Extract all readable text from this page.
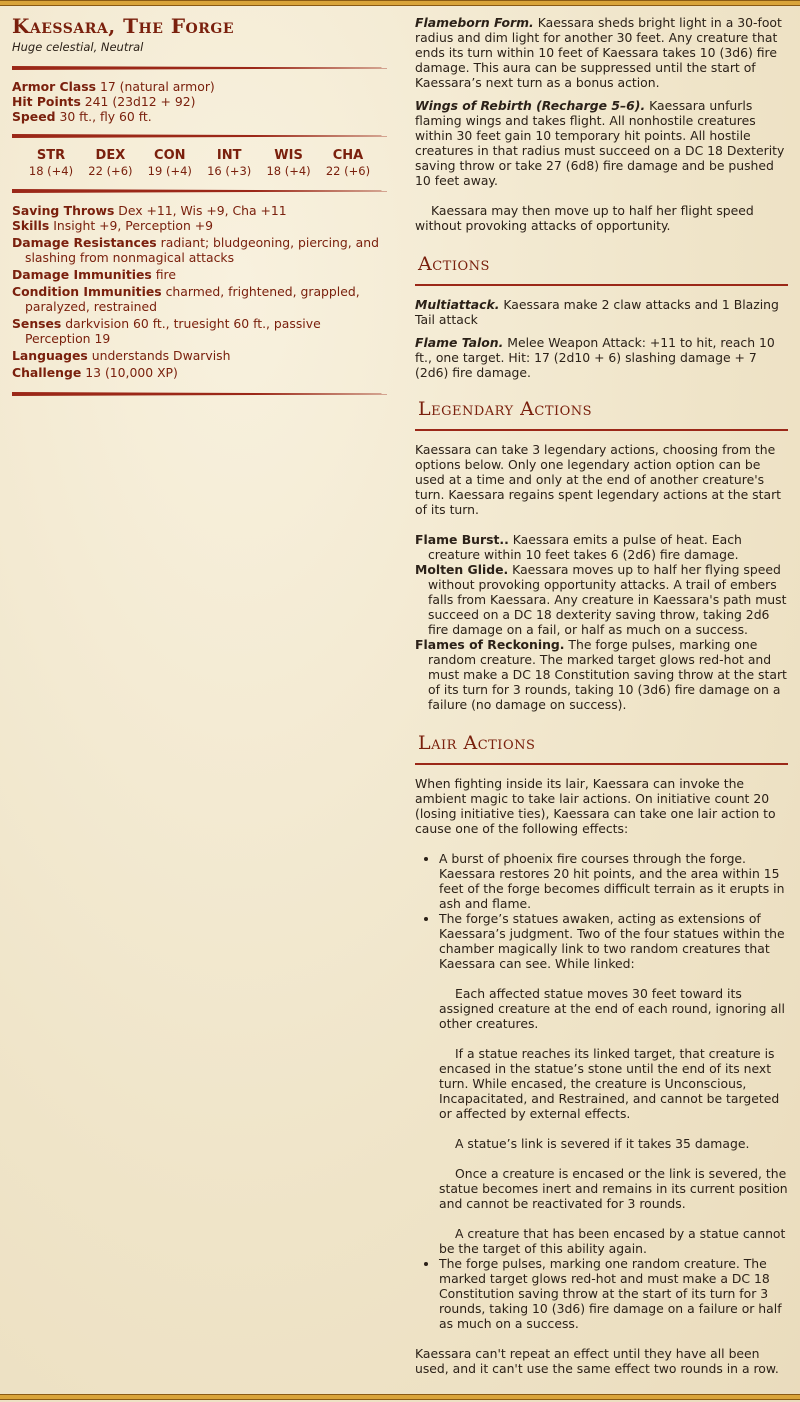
Kaessara, The Forge
Huge celestial, Neutral
Armor Class 17 (natural armor)
Hit Points 241 (23d12 + 92)
Speed 30 ft., fly 60 ft.
STR
18 (+4)
DEX
22 (+6)
CON
19 (+4)
INT
16 (+3)
WIS
18 (+4)
CHA
22 (+6)
Saving Throws Dex +11, Wis +9, Cha +11
Skills Insight +9, Perception +9
Damage Resistances radiant; bludgeoning, piercing, and slashing from nonmagical attacks
Damage Immunities fire
Condition Immunities charmed, frightened, grappled, paralyzed, restrained
Senses darkvision 60 ft., truesight 60 ft., passive Perception 19
Languages understands Dwarvish
Challenge 13 (10,000 XP)

Flameborn Form. Kaessara sheds bright light in a 30-foot radius and dim light for another 30 feet. Any creature that ends its turn within 10 feet of Kaessara takes 10 (3d6) fire damage. This aura can be suppressed until the start of Kaessara’s next turn as a bonus action.

Wings of Rebirth (Recharge 5–6). Kaessara unfurls flaming wings and takes flight. All nonhostile creatures within 30 feet gain 10 temporary hit points. All hostile creatures in that radius must succeed on a DC 18 Dexterity saving throw or take 27 (6d8) fire damage and be pushed 10 feet away.

Kaessara may then move up to half her flight speed without provoking attacks of opportunity.

Actions

Multiattack. Kaessara make 2 claw attacks and 1 Blazing Tail attack

Flame Talon. Melee Weapon Attack: +11 to hit, reach 10 ft., one target. Hit: 17 (2d10 + 6) slashing damage + 7 (2d6) fire damage.

Legendary Actions

Kaessara can take 3 legendary actions, choosing from the options below. Only one legendary action option can be used at a time and only at the end of another creature's turn. Kaessara regains spent legendary actions at the start of its turn.

Flame Burst.. Kaessara emits a pulse of heat. Each creature within 10 feet takes 6 (2d6) fire damage.

Molten Glide. Kaessara moves up to half her flying speed without provoking opportunity attacks. A trail of embers falls from Kaessara. Any creature in Kaessara's path must succeed on a DC 18 dexterity saving throw, taking 2d6 fire damage on a fail, or half as much on a success.

Flames of Reckoning. The forge pulses, marking one random creature. The marked target glows red-hot and must make a DC 18 Constitution saving throw at the start of its turn for 3 rounds, taking 10 (3d6) fire damage on a failure (no damage on success).

Lair Actions

When fighting inside its lair, Kaessara can invoke the ambient magic to take lair actions. On initiative count 20 (losing initiative ties), Kaessara can take one lair action to cause one of the following effects:

• A burst of phoenix fire courses through the forge. Kaessara restores 20 hit points, and the area within 15 feet of the forge becomes difficult terrain as it erupts in ash and flame.
• The forge’s statues awaken, acting as extensions of Kaessara’s judgment. Two of the four statues within the chamber magically link to two random creatures that Kaessara can see. While linked:

Each affected statue moves 30 feet toward its assigned creature at the end of each round, ignoring all other creatures.

If a statue reaches its linked target, that creature is encased in the statue’s stone until the end of its next turn. While encased, the creature is Unconscious, Incapacitated, and Restrained, and cannot be targeted or affected by external effects.

A statue’s link is severed if it takes 35 damage.

Once a creature is encased or the link is severed, the statue becomes inert and remains in its current position and cannot be reactivated for 3 rounds.

A creature that has been encased by a statue cannot be the target of this ability again.

• The forge pulses, marking one random creature. The marked target glows red-hot and must make a DC 18 Constitution saving throw at the start of its turn for 3 rounds, taking 10 (3d6) fire damage on a failure or half as much on a success.

Kaessara can't repeat an effect until they have all been used, and it can't use the same effect two rounds in a row.
